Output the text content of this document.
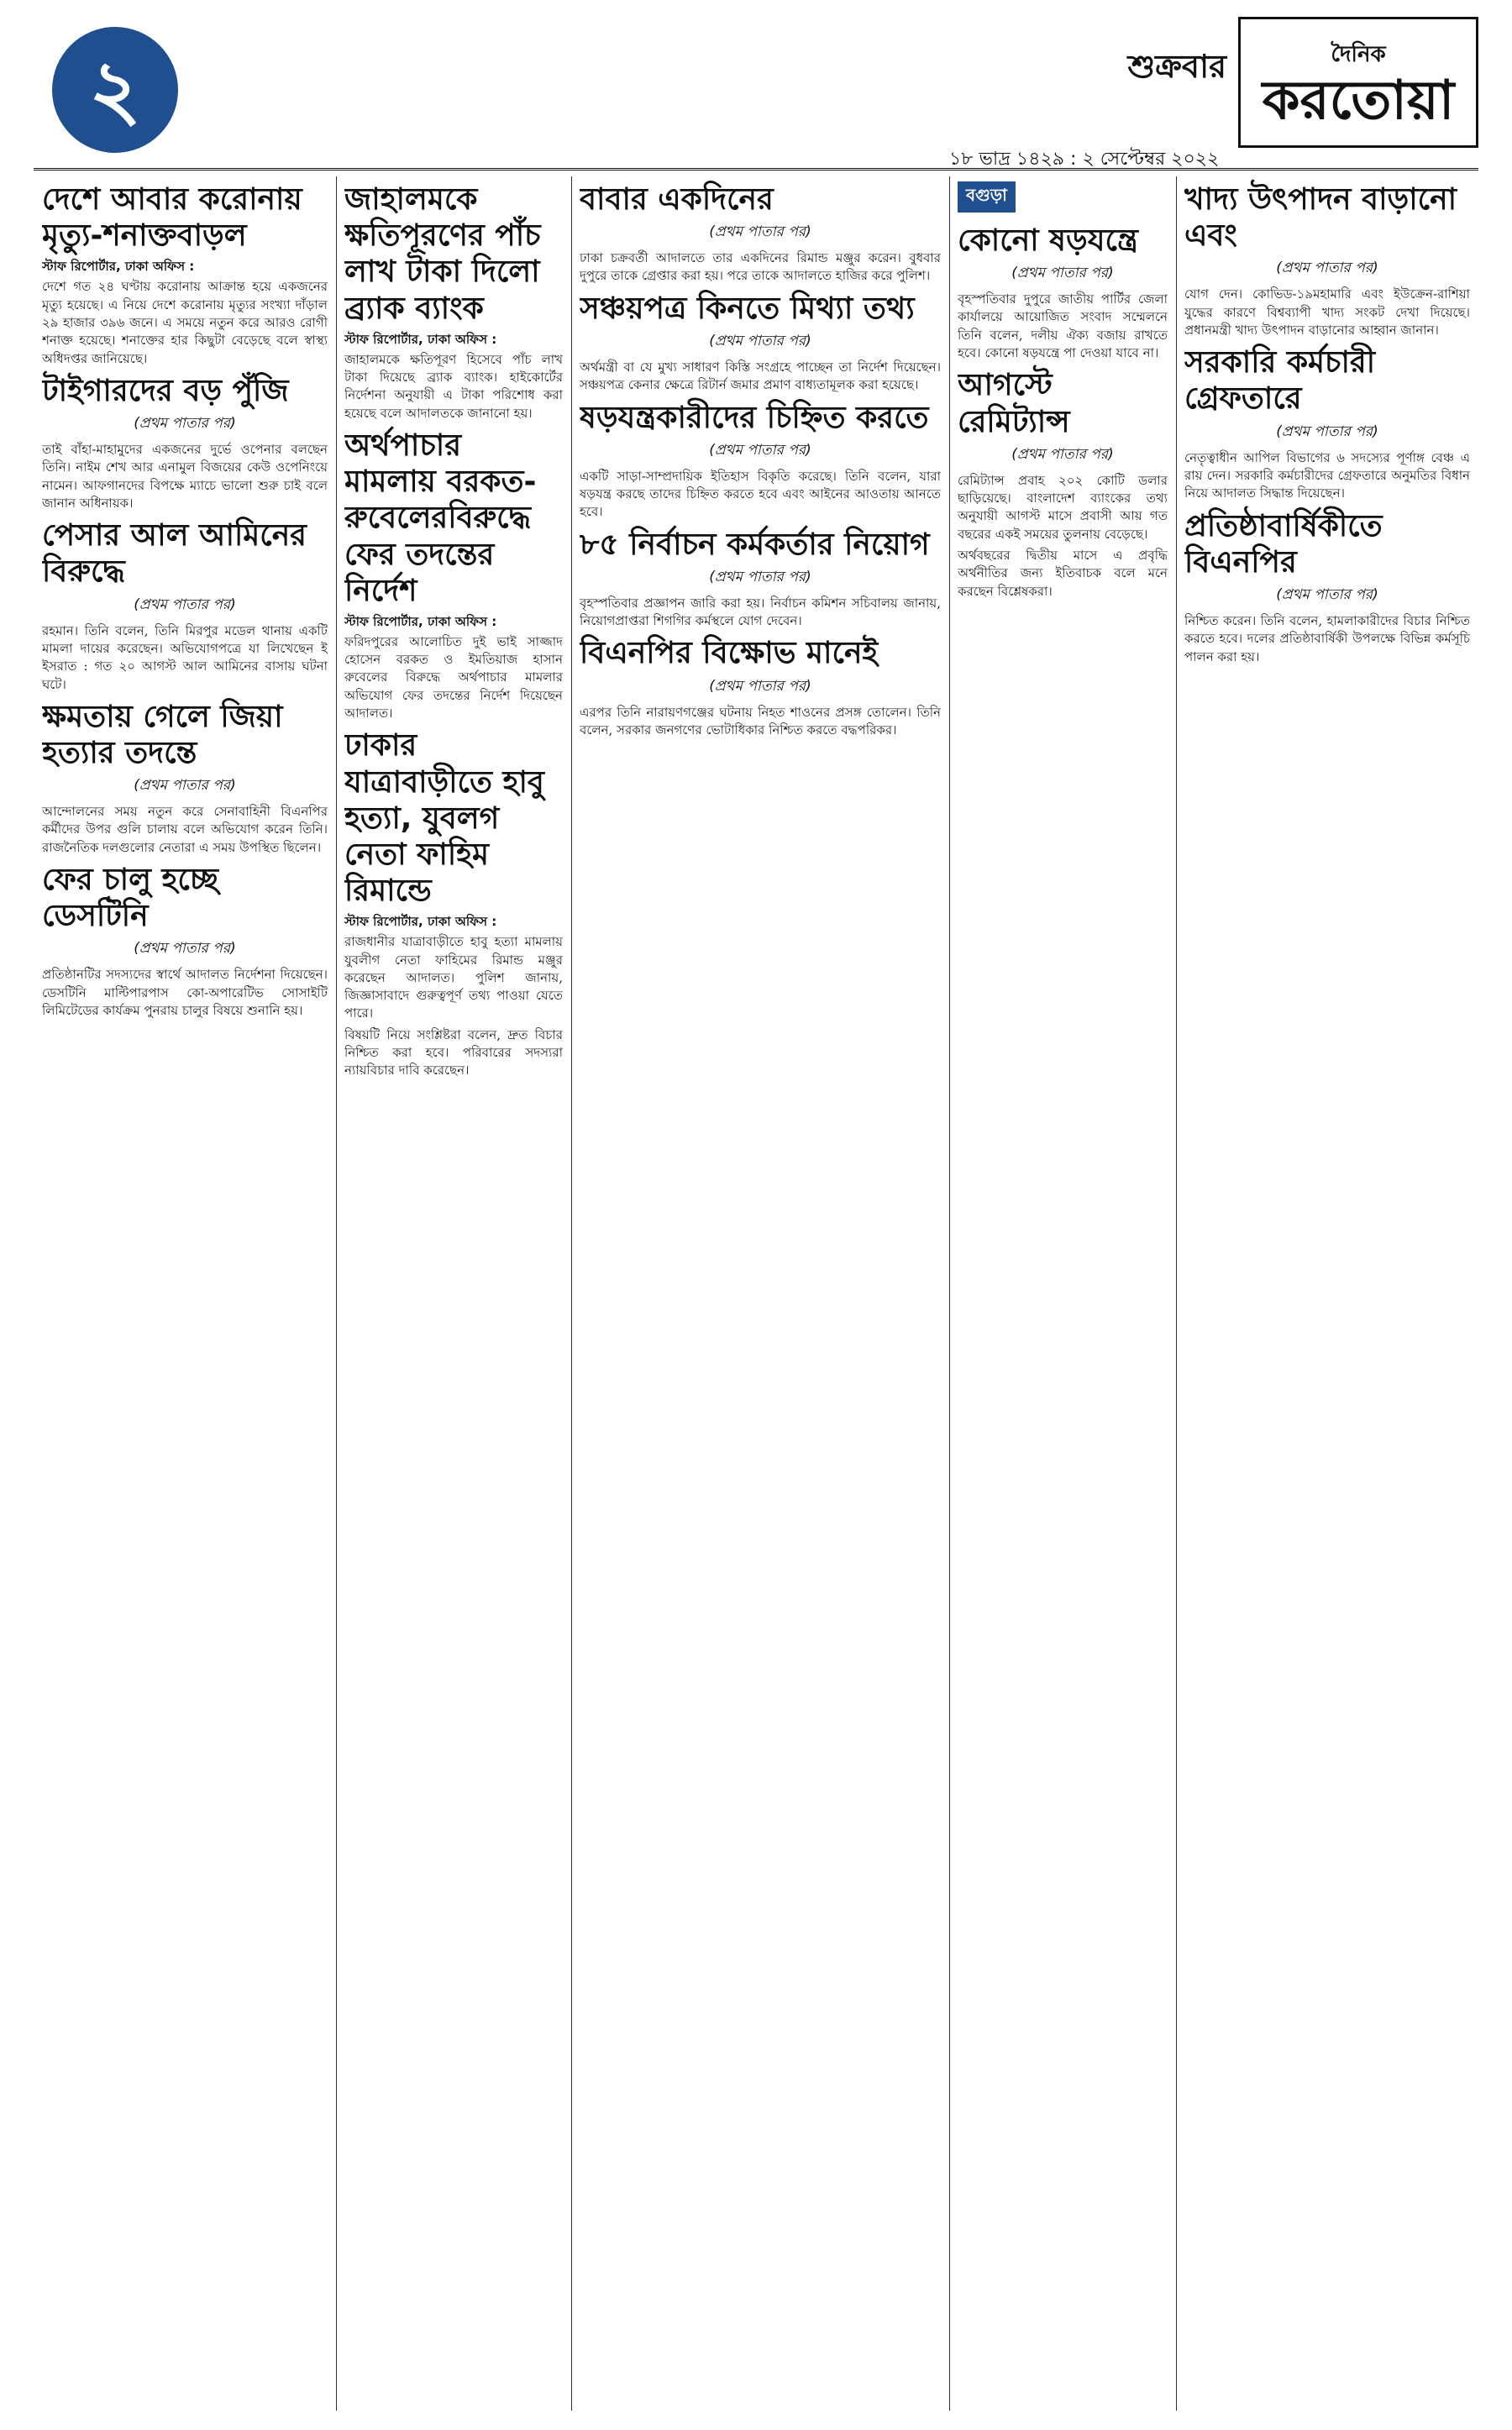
২	শুক্রবার	দৈনিক
করতোয়া
১৮ ভাদ্র ১৪২৯ : ২ সেপ্টেম্বর ২০২২
দেশে আবার করোনায় মৃত্যু-শনাক্তবাড়ল
স্টাফ রিপোর্টার, ঢাকা অফিস :

দেশে গত ২৪ ঘণ্টায় করোনায় আক্রান্ত হয়ে একজনের মৃত্যু হয়েছে। এ নিয়ে দেশে করোনায় মৃত্যুর সংখ্যা দাঁড়াল ২৯ হাজার ৩৯৬ জনে। এ সময়ে নতুন করে আরও রোগী শনাক্ত হয়েছে। শনাক্তের হার কিছুটা বেড়েছে বলে স্বাস্থ্য অধিদপ্তর জানিয়েছে।

টাইগারদের বড় পুঁজি
(প্রথম পাতার পর)

তাই বাঁহা-মাহামুদের একজনের দুর্ভে ওপেনার বলছেন তিনি। নাইম শেখ আর এনামুল বিজয়ের কেউ ওপেনিংয়ে নামেন। আফগানদের বিপক্ষে ম্যাচে ভালো শুরু চাই বলে জানান অধিনায়ক।

পেসার আল আমিনের বিরুদ্ধে
(প্রথম পাতার পর)

রহমান। তিনি বলেন, তিনি মিরপুর মডেল থানায় একটি মামলা দায়ের করেছেন। অভিযোগপত্রে যা লিখেছেন ই ইসরাত : গত ২০ আগস্ট আল আমিনের বাসায় ঘটনা ঘটে।

ক্ষমতায় গেলে জিয়া হত্যার তদন্তে
(প্রথম পাতার পর)

আন্দোলনের সময় নতুন করে সেনাবাহিনী বিএনপির কর্মীদের উপর গুলি চালায় বলে অভিযোগ করেন তিনি। রাজনৈতিক দলগুলোর নেতারা এ সময় উপস্থিত ছিলেন।

ফের চালু হচ্ছে ডেসটিনি
(প্রথম পাতার পর)

প্রতিষ্ঠানটির সদস্যদের স্বার্থে আদালত নির্দেশনা দিয়েছেন। ডেসটিনি মাল্টিপারপাস কো-অপারেটিভ সোসাইটি লিমিটেডের কার্যক্রম পুনরায় চালুর বিষয়ে শুনানি হয়।

জাহালমকে ক্ষতিপূরণের পাঁচ লাখ টাকা দিলো ব্র্যাক ব্যাংক
স্টাফ রিপোর্টার, ঢাকা অফিস :

জাহালমকে ক্ষতিপূরণ হিসেবে পাঁচ লাখ টাকা দিয়েছে ব্র্যাক ব্যাংক। হাইকোর্টের নির্দেশনা অনুযায়ী এ টাকা পরিশোধ করা হয়েছে বলে আদালতকে জানানো হয়।

অর্থপাচার মামলায় বরকত-রুবেলেরবিরুদ্ধে ফের তদন্তের নির্দেশ
স্টাফ রিপোর্টার, ঢাকা অফিস :

ফরিদপুরের আলোচিত দুই ভাই সাজ্জাদ হোসেন বরকত ও ইমতিয়াজ হাসান রুবেলের বিরুদ্ধে অর্থপাচার মামলার অভিযোগ ফের তদন্তের নির্দেশ দিয়েছেন আদালত।

ঢাকার যাত্রাবাড়ীতে হাবু হত্যা, যুবলগ নেতা ফাহিম রিমান্ডে
স্টাফ রিপোর্টার, ঢাকা অফিস :

রাজধানীর যাত্রাবাড়ীতে হাবু হত্যা মামলায় যুবলীগ নেতা ফাহিমের রিমান্ড মঞ্জুর করেছেন আদালত। পুলিশ জানায়, জিজ্ঞাসাবাদে গুরুত্বপূর্ণ তথ্য পাওয়া যেতে পারে।

বিষয়টি নিয়ে সংশ্লিষ্টরা বলেন, দ্রুত বিচার নিশ্চিত করা হবে। পরিবারের সদস্যরা ন্যায়বিচার দাবি করেছেন।

বাবার একদিনের
(প্রথম পাতার পর)

ঢাকা চক্রবর্তী আদালতে তার একদিনের রিমান্ড মঞ্জুর করেন। বুধবার দুপুরে তাকে গ্রেপ্তার করা হয়। পরে তাকে আদালতে হাজির করে পুলিশ।

সঞ্চয়পত্র কিনতে মিথ্যা তথ্য
(প্রথম পাতার পর)

অর্থমন্ত্রী বা যে মুখ্য সাধারণ কিস্তি সংগ্রহে পাচ্ছেন তা নির্দেশ দিয়েছেন। সঞ্চয়পত্র কেনার ক্ষেত্রে রিটার্ন জমার প্রমাণ বাধ্যতামূলক করা হয়েছে।

ষড়যন্ত্রকারীদের চিহ্নিত করতে
(প্রথম পাতার পর)

একটি সাড়া-সাম্প্রদায়িক ইতিহাস বিকৃতি করেছে। তিনি বলেন, যারা ষড়যন্ত্র করছে তাদের চিহ্নিত করতে হবে এবং আইনের আওতায় আনতে হবে।

৮৫ নির্বাচন কর্মকর্তার নিয়োগ
(প্রথম পাতার পর)

বৃহস্পতিবার প্রজ্ঞাপন জারি করা হয়। নির্বাচন কমিশন সচিবালয় জানায়, নিয়োগপ্রাপ্তরা শিগগির কর্মস্থলে যোগ দেবেন।

বিএনপির বিক্ষোভ মানেই
(প্রথম পাতার পর)

এরপর তিনি নারায়ণগঞ্জের ঘটনায় নিহত শাওনের প্রসঙ্গ তোলেন। তিনি বলেন, সরকার জনগণের ভোটাধিকার নিশ্চিত করতে বদ্ধপরিকর।

বগুড়া
কোনো ষড়যন্ত্রে
(প্রথম পাতার পর)

বৃহস্পতিবার দুপুরে জাতীয় পার্টির জেলা কার্যালয়ে আয়োজিত সংবাদ সম্মেলনে তিনি বলেন, দলীয় ঐক্য বজায় রাখতে হবে। কোনো ষড়যন্ত্রে পা দেওয়া যাবে না।

আগস্টে রেমিট্যান্স
(প্রথম পাতার পর)

রেমিট্যান্স প্রবাহ ২০২ কোটি ডলার ছাড়িয়েছে। বাংলাদেশ ব্যাংকের তথ্য অনুযায়ী আগস্ট মাসে প্রবাসী আয় গত বছরের একই সময়ের তুলনায় বেড়েছে।

অর্থবছরের দ্বিতীয় মাসে এ প্রবৃদ্ধি অর্থনীতির জন্য ইতিবাচক বলে মনে করছেন বিশ্লেষকরা।

খাদ্য উৎপাদন বাড়ানো এবং
(প্রথম পাতার পর)

যোগ দেন। কোভিড-১৯মহামারি এবং ইউক্রেন-রাশিয়া যুদ্ধের কারণে বিশ্বব্যাপী খাদ্য সংকট দেখা দিয়েছে। প্রধানমন্ত্রী খাদ্য উৎপাদন বাড়ানোর আহ্বান জানান।

সরকারি কর্মচারী গ্রেফতারে
(প্রথম পাতার পর)

নেতৃত্বাধীন আপিল বিভাগের ৬ সদস্যের পূর্ণাঙ্গ বেঞ্চ এ রায় দেন। সরকারি কর্মচারীদের গ্রেফতারে অনুমতির বিধান নিয়ে আদালত সিদ্ধান্ত দিয়েছেন।

প্রতিষ্ঠাবার্ষিকীতে বিএনপির
(প্রথম পাতার পর)

নিশ্চিত করেন। তিনি বলেন, হামলাকারীদের বিচার নিশ্চিত করতে হবে। দলের প্রতিষ্ঠাবার্ষিকী উপলক্ষে বিভিন্ন কর্মসূচি পালন করা হয়।
